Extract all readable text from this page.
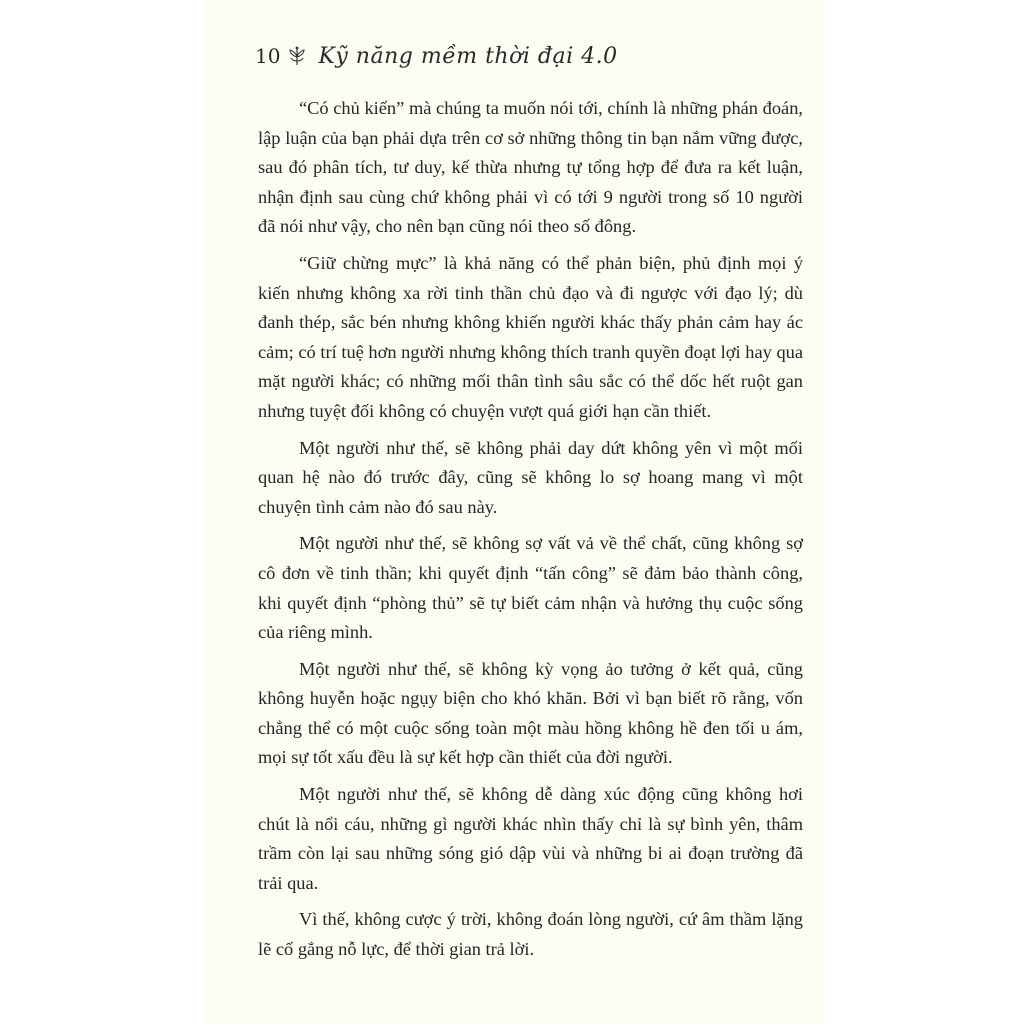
10 Kỹ năng mềm thời đại 4.0

“Có chủ kiến” mà chúng ta muốn nói tới, chính là những phán đoán, lập luận của bạn phải dựa trên cơ sở những thông tin bạn nắm vững được, sau đó phân tích, tư duy, kế thừa nhưng tự tổng hợp để đưa ra kết luận, nhận định sau cùng chứ không phải vì có tới 9 người trong số 10 người đã nói như vậy, cho nên bạn cũng nói theo số đông.

“Giữ chừng mực” là khả năng có thể phản biện, phủ định mọi ý kiến nhưng không xa rời tinh thần chủ đạo và đi ngược với đạo lý; dù đanh thép, sắc bén nhưng không khiến người khác thấy phản cảm hay ác cảm; có trí tuệ hơn người nhưng không thích tranh quyền đoạt lợi hay qua mặt người khác; có những mối thân tình sâu sắc có thể dốc hết ruột gan nhưng tuyệt đối không có chuyện vượt quá giới hạn cần thiết.

Một người như thế, sẽ không phải day dứt không yên vì một mối quan hệ nào đó trước đây, cũng sẽ không lo sợ hoang mang vì một chuyện tình cảm nào đó sau này.

Một người như thế, sẽ không sợ vất vả về thể chất, cũng không sợ cô đơn về tinh thần; khi quyết định “tấn công” sẽ đảm bảo thành công, khi quyết định “phòng thủ” sẽ tự biết cảm nhận và hưởng thụ cuộc sống của riêng mình.

Một người như thế, sẽ không kỳ vọng ảo tưởng ở kết quả, cũng không huyễn hoặc ngụy biện cho khó khăn. Bởi vì bạn biết rõ rằng, vốn chẳng thể có một cuộc sống toàn một màu hồng không hề đen tối u ám, mọi sự tốt xấu đều là sự kết hợp cần thiết của đời người.

Một người như thế, sẽ không dễ dàng xúc động cũng không hơi chút là nổi cáu, những gì người khác nhìn thấy chỉ là sự bình yên, thâm trầm còn lại sau những sóng gió dập vùi và những bi ai đoạn trường đã trải qua.

Vì thế, không cược ý trời, không đoán lòng người, cứ âm thầm lặng lẽ cố gắng nỗ lực, để thời gian trả lời.
